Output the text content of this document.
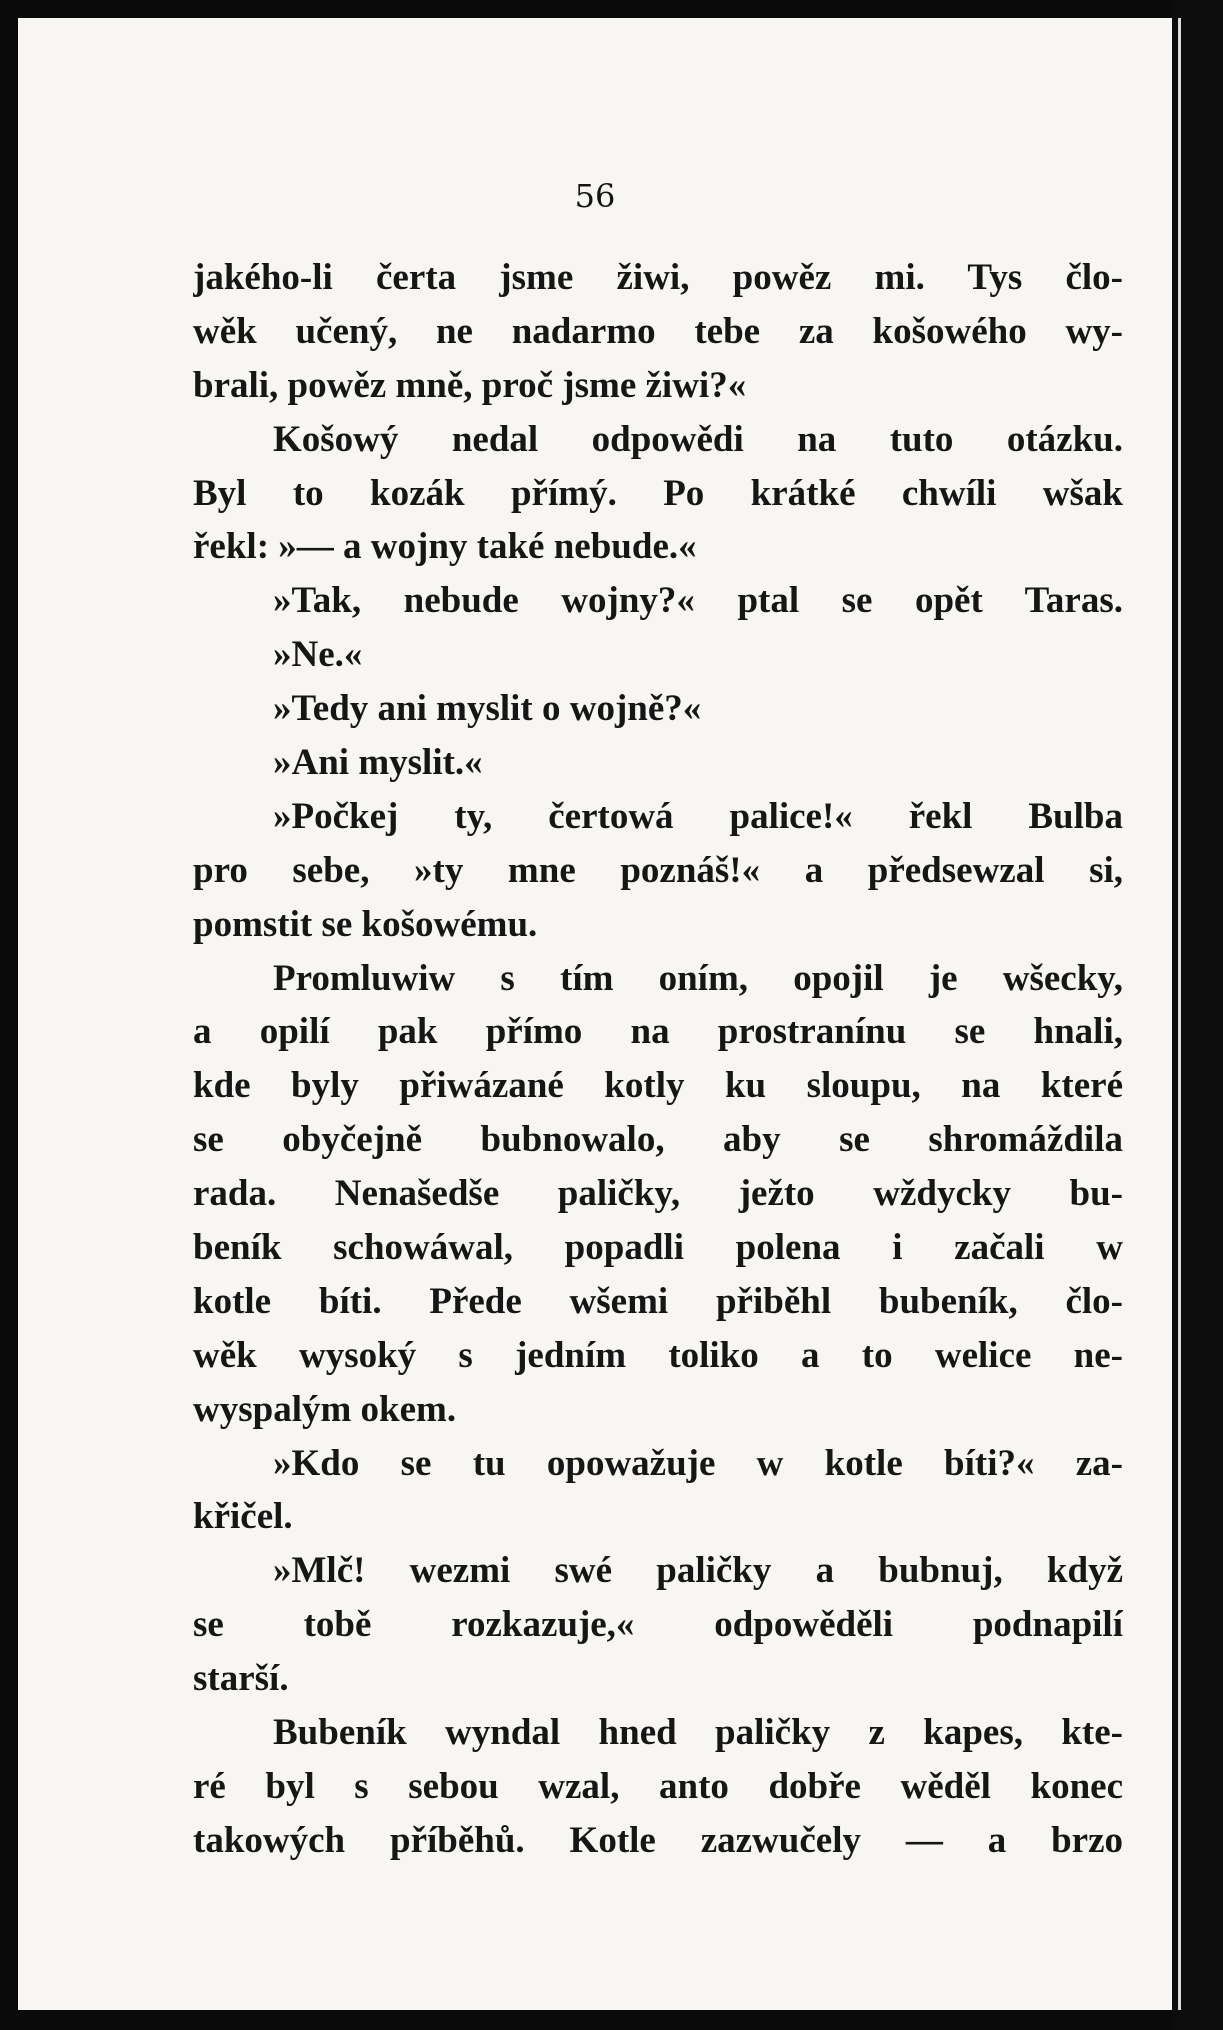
56

jakého-li čerta jsme žiwi, powěz mi. Tys člo-
wěk učený, ne nadarmo tebe za košowého wy-
brali, powěz mně, proč jsme žiwi?«
Košowý nedal odpowědi na tuto otázku.
Byl to kozák přímý. Po krátké chwíli wšak
řekl: »— a wojny také nebude.«
»Tak, nebude wojny?« ptal se opět Taras.
»Ne.«
»Tedy ani myslit o wojně?«
»Ani myslit.«
»Počkej ty, čertowá palice!« řekl Bulba
pro sebe, »ty mne poznáš!« a předsewzal si,
pomstit se košowému.
Promluwiw s tím oním, opojil je wšecky,
a opilí pak přímo na prostranínu se hnali,
kde byly přiwázané kotly ku sloupu, na které
se obyčejně bubnowalo, aby se shromáždila
rada. Nenašedše paličky, ježto wždycky bu-
beník schowáwal, popadli polena i začali w
kotle bíti. Přede wšemi přiběhl bubeník, člo-
wěk wysoký s jedním toliko a to welice ne-
wyspalým okem.
»Kdo se tu opowažuje w kotle bíti?« za-
křičel.
»Mlč! wezmi swé paličky a bubnuj, když
se tobě rozkazuje,« odpowěděli podnapilí
starší.
Bubeník wyndal hned paličky z kapes, kte-
ré byl s sebou wzal, anto dobře wěděl konec
takowých příběhů. Kotle zazwučely — a brzo
